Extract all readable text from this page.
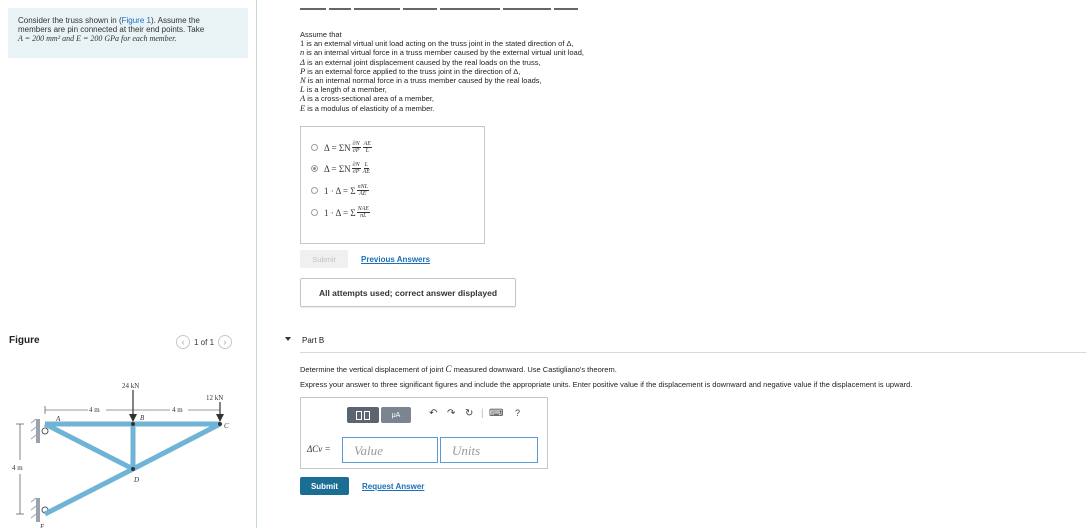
Consider the truss shown in (Figure 1). Assume the
members are pin connected at their end points. Take
A = 200 mm² and E = 200 GPa for each member.
Figure	‹	1 of 1	›
24 kN
12 kN
4 m	4 m
4 m
A	B
C
D
E
Assume that
1 is an external virtual unit load acting on the truss joint in the stated direction of Δ,
n is an internal virtual force in a truss member caused by the external virtual unit load,
Δ is an external joint displacement caused by the real loads on the truss,
P is an external force applied to the truss joint in the direction of Δ,
N is an internal normal force in a truss member caused by the real loads,
L is a length of a member,
A is a cross-sectional area of a member,
E is a modulus of elasticity of a member.
Δ = ΣN $\frac{\partial N}{\partial P} \frac{AE}{L}$
Δ = ΣN $\frac{\partial N}{\partial P} \frac{L}{AE}$
1 · Δ = Σ $\frac{\text{nNL}}{AE}$
1 · Δ = Σ $\frac{\text{NAE}}{nL}$
Submit	Previous Answers
All attempts used; correct answer displayed
Part B
Determine the vertical displacement of joint C measured downward. Use Castigliano's theorem.
Express your answer to three significant figures and include the appropriate units. Enter positive value if the displacement is downward and negative value if the displacement is upward.
μA	↶ ↷ ↻ | ⌨ ?
ΔCv =	Value	Units
Submit	Request Answer
